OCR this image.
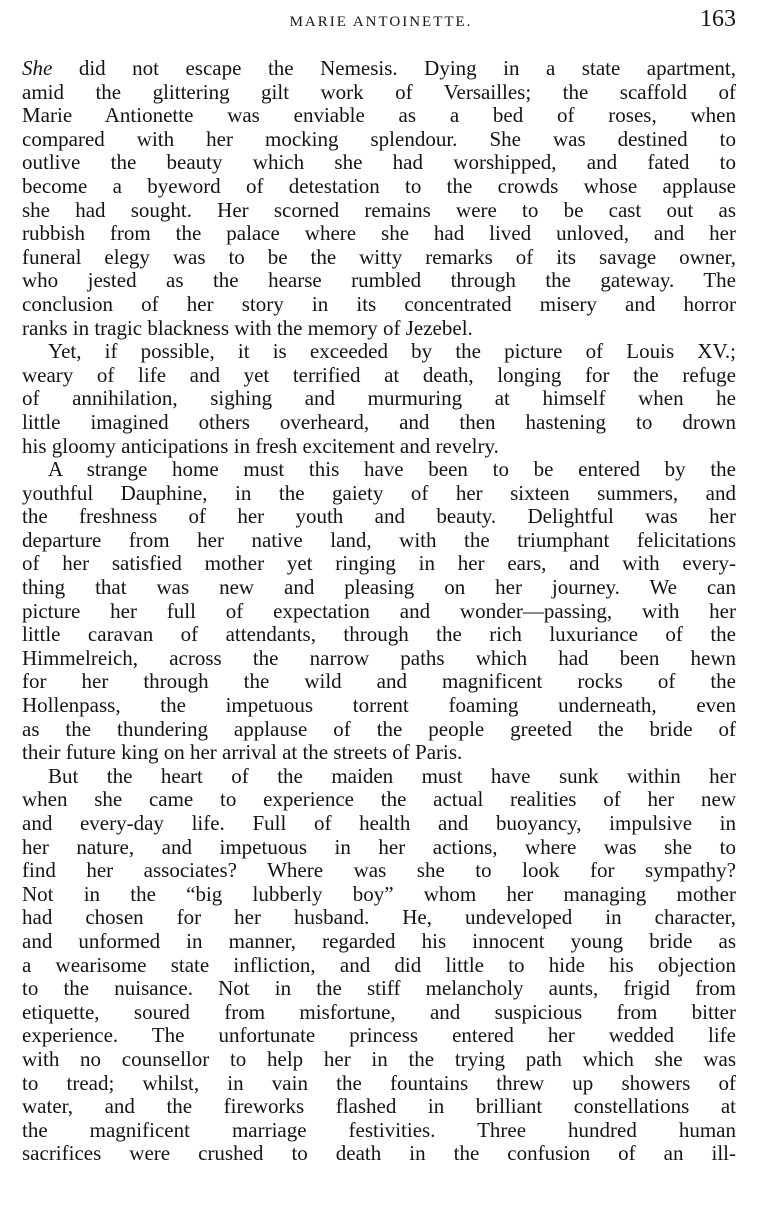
MARIE ANTOINETTE.	163
She did not escape the Nemesis. Dying in a state apartment,
amid the glittering gilt work of Versailles; the scaffold of
Marie Antionette was enviable as a bed of roses, when
compared with her mocking splendour. She was destined to
outlive the beauty which she had worshipped, and fated to
become a byeword of detestation to the crowds whose applause
she had sought. Her scorned remains were to be cast out as
rubbish from the palace where she had lived unloved, and her
funeral elegy was to be the witty remarks of its savage owner,
who jested as the hearse rumbled through the gateway. The
conclusion of her story in its concentrated misery and horror
ranks in tragic blackness with the memory of Jezebel.
Yet, if possible, it is exceeded by the picture of Louis XV.;
weary of life and yet terrified at death, longing for the refuge
of annihilation, sighing and murmuring at himself when he
little imagined others overheard, and then hastening to drown
his gloomy anticipations in fresh excitement and revelry.
A strange home must this have been to be entered by the
youthful Dauphine, in the gaiety of her sixteen summers, and
the freshness of her youth and beauty. Delightful was her
departure from her native land, with the triumphant felicitations
of her satisfied mother yet ringing in her ears, and with every-
thing that was new and pleasing on her journey. We can
picture her full of expectation and wonder—passing, with her
little caravan of attendants, through the rich luxuriance of the
Himmelreich, across the narrow paths which had been hewn
for her through the wild and magnificent rocks of the
Hollenpass, the impetuous torrent foaming underneath, even
as the thundering applause of the people greeted the bride of
their future king on her arrival at the streets of Paris.
But the heart of the maiden must have sunk within her
when she came to experience the actual realities of her new
and every-day life. Full of health and buoyancy, impulsive in
her nature, and impetuous in her actions, where was she to
find her associates? Where was she to look for sympathy?
Not in the “big lubberly boy” whom her managing mother
had chosen for her husband. He, undeveloped in character,
and unformed in manner, regarded his innocent young bride as
a wearisome state infliction, and did little to hide his objection
to the nuisance. Not in the stiff melancholy aunts, frigid from
etiquette, soured from misfortune, and suspicious from bitter
experience. The unfortunate princess entered her wedded life
with no counsellor to help her in the trying path which she was
to tread; whilst, in vain the fountains threw up showers of
water, and the fireworks flashed in brilliant constellations at
the magnificent marriage festivities. Three hundred human
sacrifices were crushed to death in the confusion of an ill-
